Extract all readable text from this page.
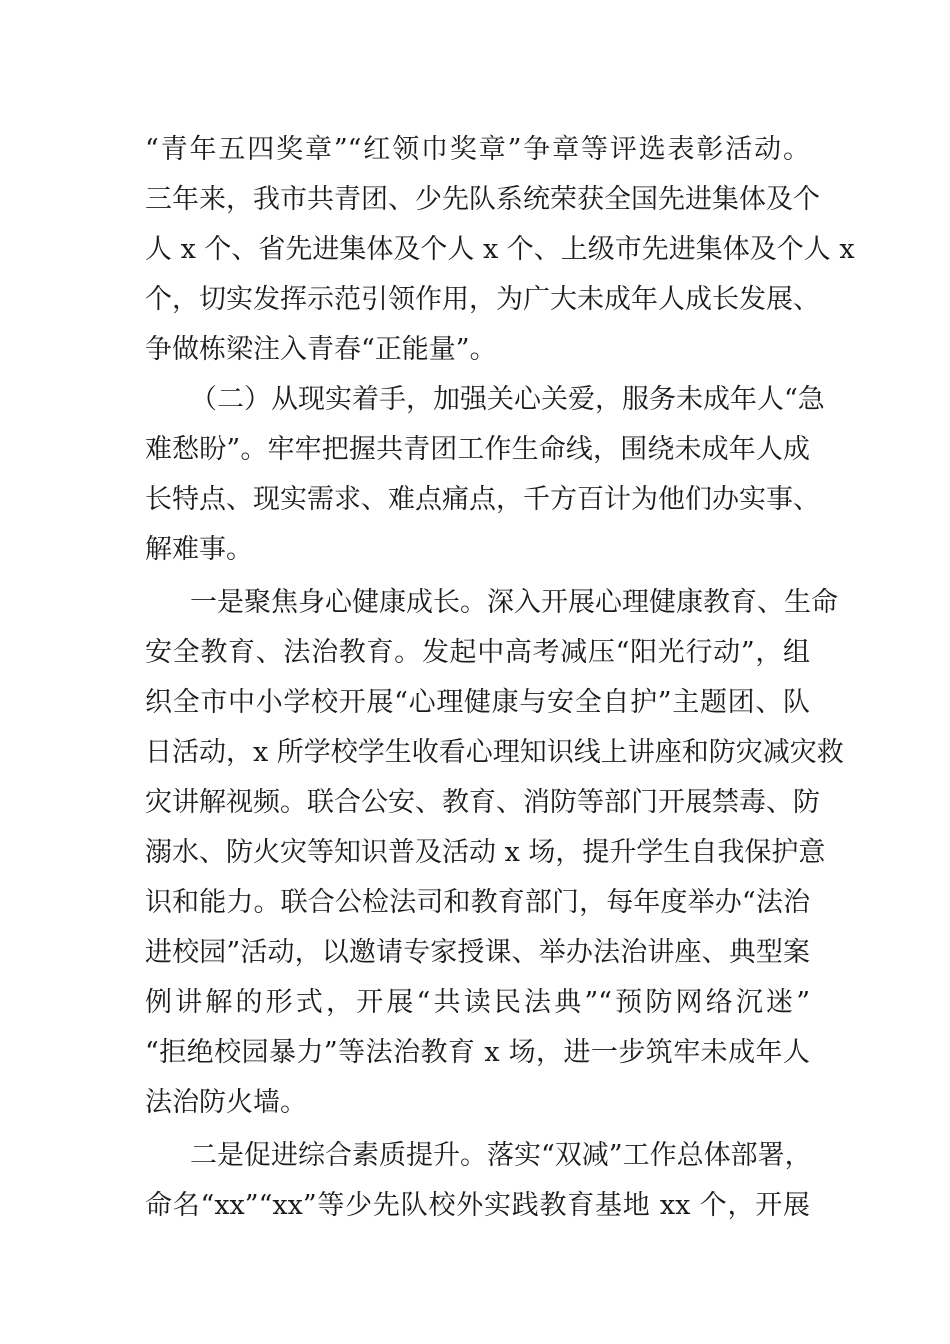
“青年五四奖章”“红领巾奖章”争章等评选表彰活动。
三年来，我市共青团、少先队系统荣获全国先进集体及个
人 x 个、省先进集体及个人 x 个、上级市先进集体及个人 x
个，切实发挥示范引领作用，为广大未成年人成长发展、
争做栋梁注入青春“正能量”。
（二）从现实着手，加强关心关爱，服务未成年人“急
难愁盼”。牢牢把握共青团工作生命线，围绕未成年人成
长特点、现实需求、难点痛点，千方百计为他们办实事、
解难事。
一是聚焦身心健康成长。深入开展心理健康教育、生命
安全教育、法治教育。发起中高考减压“阳光行动”，组
织全市中小学校开展“心理健康与安全自护”主题团、队
日活动，x 所学校学生收看心理知识线上讲座和防灾减灾救
灾讲解视频。联合公安、教育、消防等部门开展禁毒、防
溺水、防火灾等知识普及活动 x 场，提升学生自我保护意
识和能力。联合公检法司和教育部门，每年度举办“法治
进校园”活动，以邀请专家授课、举办法治讲座、典型案
例讲解的形式，开展“共读民法典”“预防网络沉迷”
“拒绝校园暴力”等法治教育 x 场，进一步筑牢未成年人
法治防火墙。
二是促进综合素质提升。落实“双减”工作总体部署，
命名“xx”“xx”等少先队校外实践教育基地 xx 个，开展
